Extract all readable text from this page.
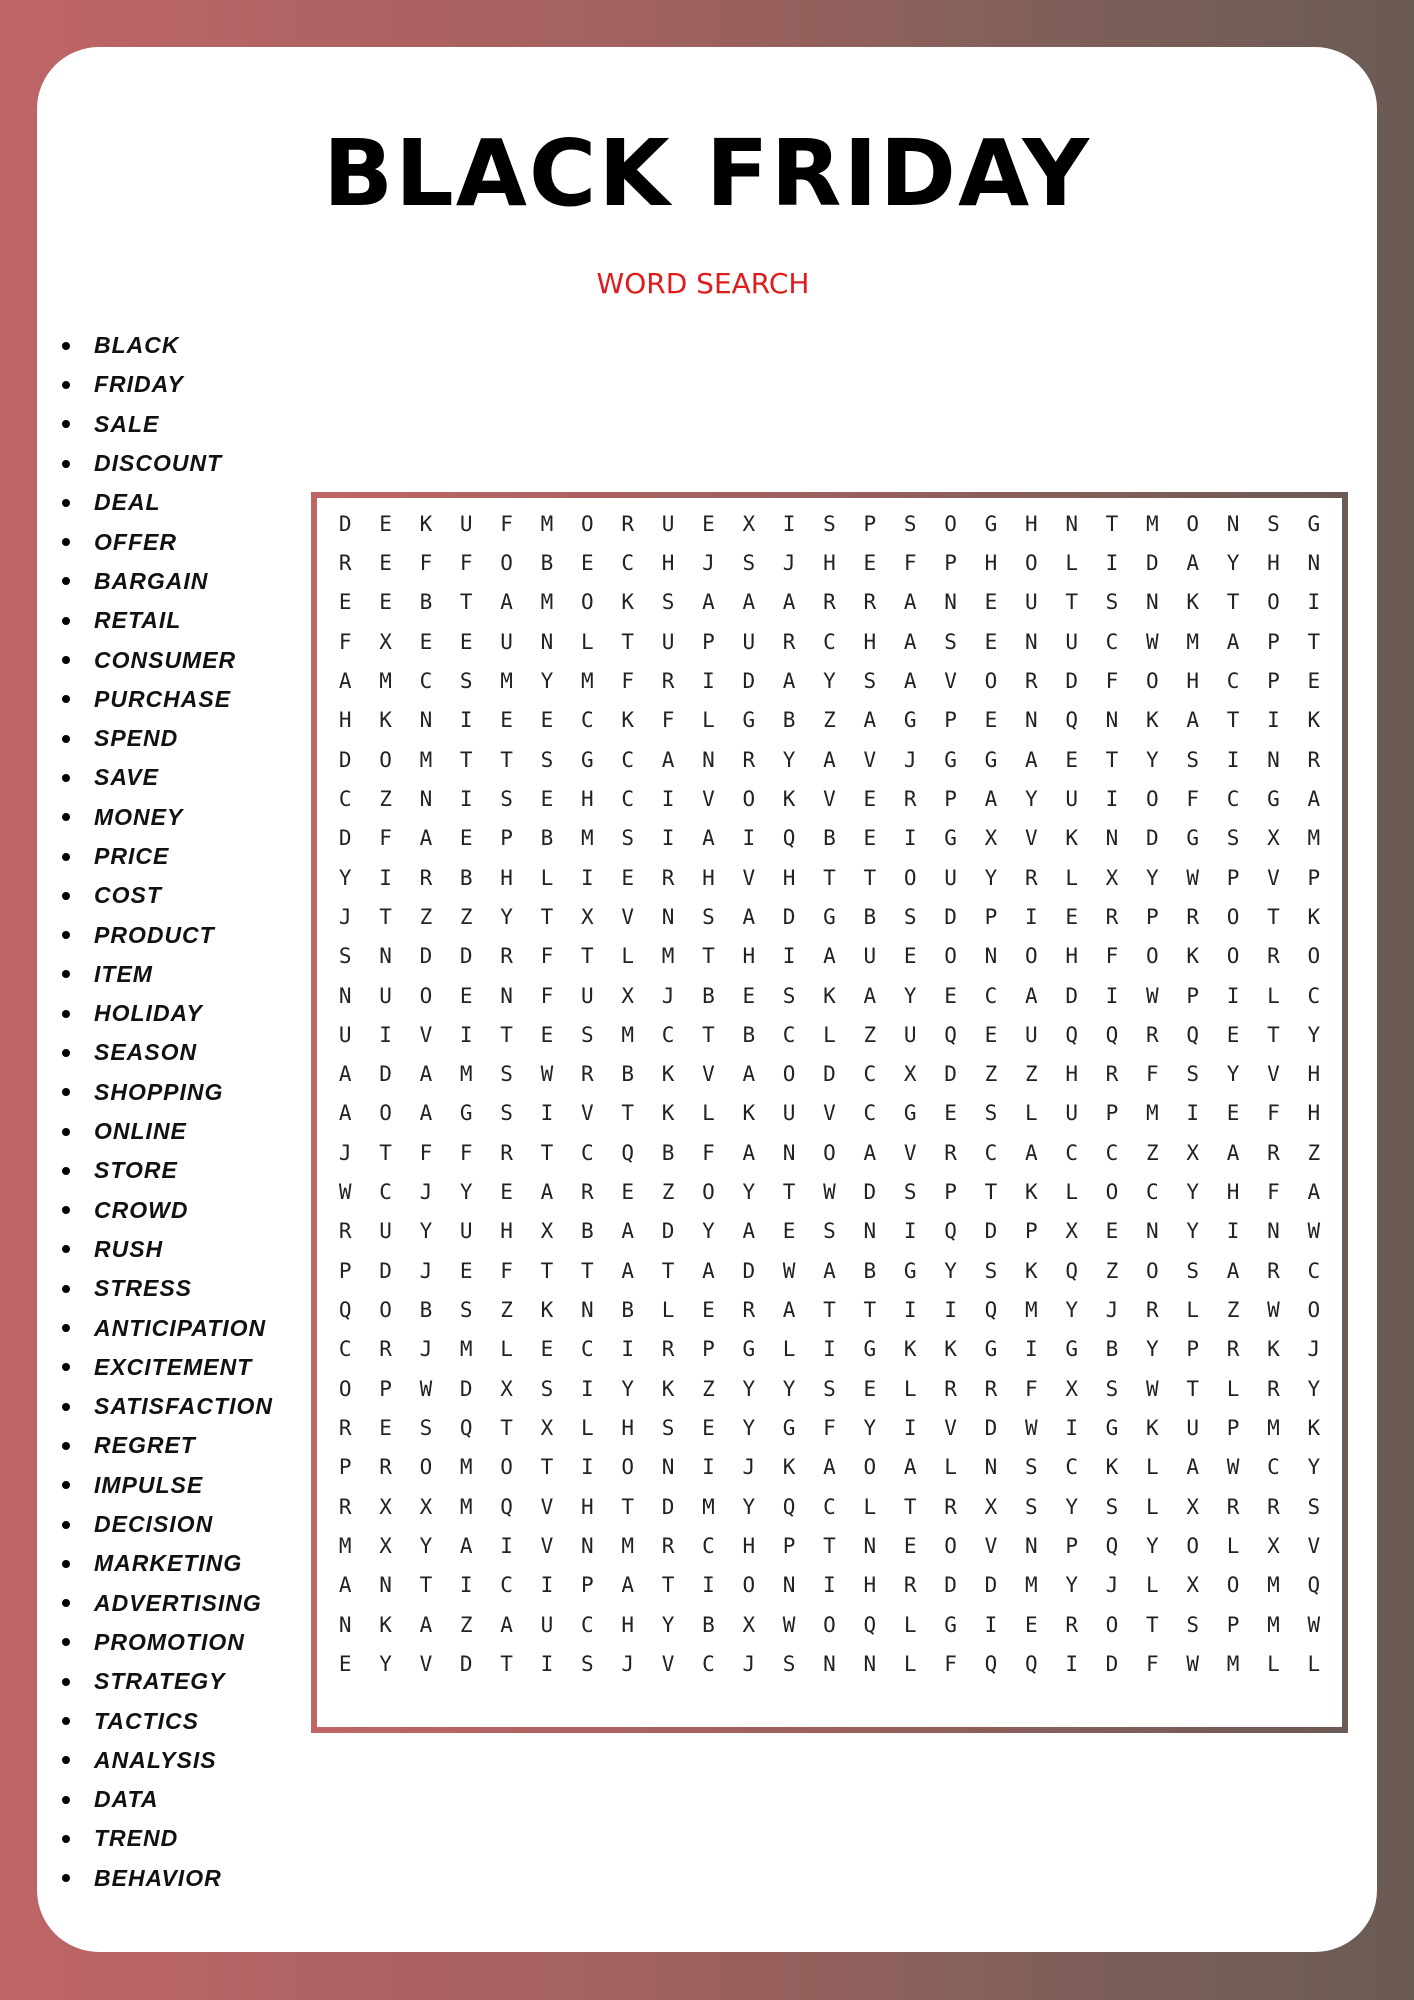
BLACK FRIDAY
WORD SEARCH
BLACK
FRIDAY
SALE
DISCOUNT
DEAL
OFFER
BARGAIN
RETAIL
CONSUMER
PURCHASE
SPEND
SAVE
MONEY
PRICE
COST
PRODUCT
ITEM
HOLIDAY
SEASON
SHOPPING
ONLINE
STORE
CROWD
RUSH
STRESS
ANTICIPATION
EXCITEMENT
SATISFACTION
REGRET
IMPULSE
DECISION
MARKETING
ADVERTISING
PROMOTION
STRATEGY
TACTICS
ANALYSIS
DATA
TREND
BEHAVIOR
D	E	K	U	F	M	O	R	U	E	X	I	S	P	S	O	G	H	N	T	M	O	N	S	G
R	E	F	F	O	B	E	C	H	J	S	J	H	E	F	P	H	O	L	I	D	A	Y	H	N
E	E	B	T	A	M	O	K	S	A	A	A	R	R	A	N	E	U	T	S	N	K	T	O	I
F	X	E	E	U	N	L	T	U	P	U	R	C	H	A	S	E	N	U	C	W	M	A	P	T
A	M	C	S	M	Y	M	F	R	I	D	A	Y	S	A	V	O	R	D	F	O	H	C	P	E
H	K	N	I	E	E	C	K	F	L	G	B	Z	A	G	P	E	N	Q	N	K	A	T	I	K
D	O	M	T	T	S	G	C	A	N	R	Y	A	V	J	G	G	A	E	T	Y	S	I	N	R
C	Z	N	I	S	E	H	C	I	V	O	K	V	E	R	P	A	Y	U	I	O	F	C	G	A
D	F	A	E	P	B	M	S	I	A	I	Q	B	E	I	G	X	V	K	N	D	G	S	X	M
Y	I	R	B	H	L	I	E	R	H	V	H	T	T	O	U	Y	R	L	X	Y	W	P	V	P
J	T	Z	Z	Y	T	X	V	N	S	A	D	G	B	S	D	P	I	E	R	P	R	O	T	K
S	N	D	D	R	F	T	L	M	T	H	I	A	U	E	O	N	O	H	F	O	K	O	R	O
N	U	O	E	N	F	U	X	J	B	E	S	K	A	Y	E	C	A	D	I	W	P	I	L	C
U	I	V	I	T	E	S	M	C	T	B	C	L	Z	U	Q	E	U	Q	Q	R	Q	E	T	Y
A	D	A	M	S	W	R	B	K	V	A	O	D	C	X	D	Z	Z	H	R	F	S	Y	V	H
A	O	A	G	S	I	V	T	K	L	K	U	V	C	G	E	S	L	U	P	M	I	E	F	H
J	T	F	F	R	T	C	Q	B	F	A	N	O	A	V	R	C	A	C	C	Z	X	A	R	Z
W	C	J	Y	E	A	R	E	Z	O	Y	T	W	D	S	P	T	K	L	O	C	Y	H	F	A
R	U	Y	U	H	X	B	A	D	Y	A	E	S	N	I	Q	D	P	X	E	N	Y	I	N	W
P	D	J	E	F	T	T	A	T	A	D	W	A	B	G	Y	S	K	Q	Z	O	S	A	R	C
Q	O	B	S	Z	K	N	B	L	E	R	A	T	T	I	I	Q	M	Y	J	R	L	Z	W	O
C	R	J	M	L	E	C	I	R	P	G	L	I	G	K	K	G	I	G	B	Y	P	R	K	J
O	P	W	D	X	S	I	Y	K	Z	Y	Y	S	E	L	R	R	F	X	S	W	T	L	R	Y
R	E	S	Q	T	X	L	H	S	E	Y	G	F	Y	I	V	D	W	I	G	K	U	P	M	K
P	R	O	M	O	T	I	O	N	I	J	K	A	O	A	L	N	S	C	K	L	A	W	C	Y
R	X	X	M	Q	V	H	T	D	M	Y	Q	C	L	T	R	X	S	Y	S	L	X	R	R	S
M	X	Y	A	I	V	N	M	R	C	H	P	T	N	E	O	V	N	P	Q	Y	O	L	X	V
A	N	T	I	C	I	P	A	T	I	O	N	I	H	R	D	D	M	Y	J	L	X	O	M	Q
N	K	A	Z	A	U	C	H	Y	B	X	W	O	Q	L	G	I	E	R	O	T	S	P	M	W
E	Y	V	D	T	I	S	J	V	C	J	S	N	N	L	F	Q	Q	I	D	F	W	M	L	L
